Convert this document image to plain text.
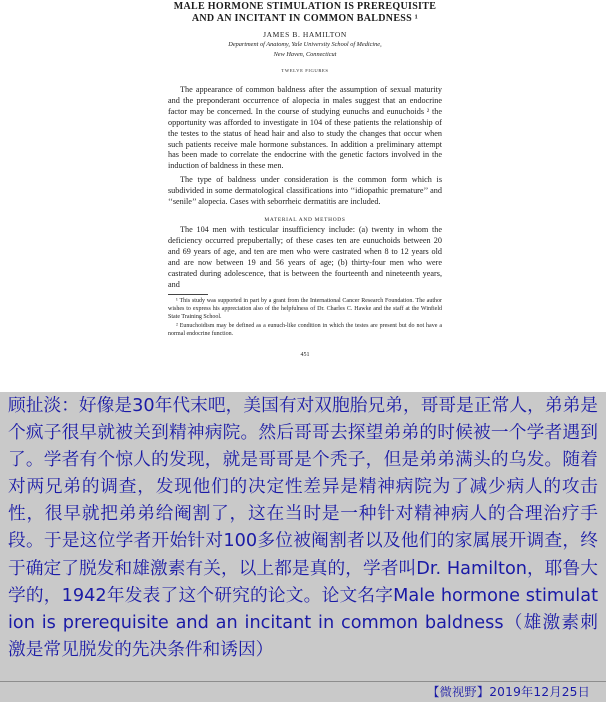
MALE HORMONE STIMULATION IS PREREQUISITE AND AN INCITANT IN COMMON BALDNESS ¹
JAMES B. HAMILTON
Department of Anatomy, Yale University School of Medicine,
New Haven, Connecticut
TWELVE FIGURES

The appearance of common baldness after the assumption of sexual maturity and the preponderant occurrence of alopecia in males suggest that an endocrine factor may be concerned. In the course of studying eunuchs and eunuchoids ² the opportunity was afforded to investigate in 104 of these patients the relationship of the testes to the status of head hair and also to study the changes that occur when such patients receive male hormone substances. In addition a preliminary attempt has been made to correlate the endocrine with the genetic factors involved in the induction of baldness in these men.

The type of baldness under consideration is the common form which is subdivided in some dermatological classifications into ‘‘idiopathic premature’’ and ‘‘senile’’ alopecia. Cases with seborrheic dermatitis are included.

MATERIAL AND METHODS

The 104 men with testicular insufficiency include: (a) twenty in whom the deficiency occurred prepubertally; of these cases ten are eunuchoids between 20 and 69 years of age, and ten are men who were castrated when 8 to 12 years old and are now between 19 and 56 years of age; (b) thirty-four men who were castrated during adolescence, that is between the fourteenth and nineteenth years, and

¹ This study was supported in part by a grant from the International Cancer Research Foundation. The author wishes to express his appreciation also of the helpfulness of Dr. Charles C. Hawke and the staff at the Winfield State Training School.

² Eunuchoidism may be defined as a eunuch-like condition in which the testes are present but do not have a normal endocrine function.

451
顾扯淡：好像是30年代末吧，美国有对双胞胎兄弟，哥哥是正常人，弟弟是个疯子很早就被关到精神病院。然后哥哥去探望弟弟的时候被一个学者遇到了。学者有个惊人的发现，就是哥哥是个秃子，但是弟弟满头的乌发。随着对两兄弟的调查，发现他们的决定性差异是精神病院为了减少病人的攻击性，很早就把弟弟给阉割了，这在当时是一种针对精神病人的合理治疗手段。于是这位学者开始针对100多位被阉割者以及他们的家属展开调查，终于确定了脱发和雄激素有关，以上都是真的，学者叫Dr. Hamilton，耶鲁大学的，1942年发表了这个研究的论文。论文名字Male hormone stimulation is prerequisite and an incitant in common baldness（雄激素刺激是常见脱发的先决条件和诱因）
【微视野】2019年12月25日
